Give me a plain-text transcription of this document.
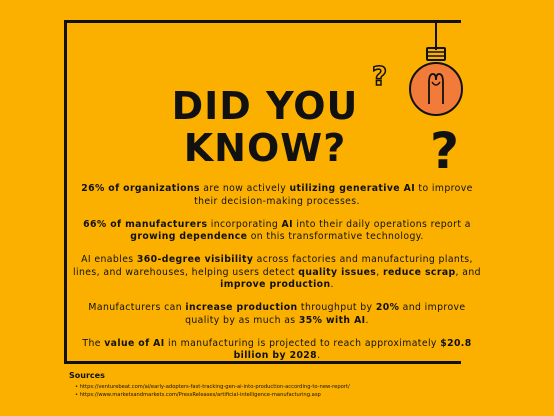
?
?
DID YOU
KNOW?

26% of organizations are now actively utilizing generative AI to improve their decision-making processes.

66% of manufacturers incorporating AI into their daily operations report a growing dependence on this transformative technology.

AI enables 360-degree visibility across factories and manufacturing plants, lines, and warehouses, helping users detect quality issues, reduce scrap, and improve production.

Manufacturers can increase production throughput by 20% and improve quality by as much as 35% with AI.

The value of AI in manufacturing is projected to reach approximately $20.8 billion by 2028.

Sources
• https://venturebeat.com/ai/early-adopters-fast-tracking-gen-ai-into-production-according-to-new-report/
• https://www.marketsandmarkets.com/PressReleases/artificial-intelligence-manufacturing.asp
